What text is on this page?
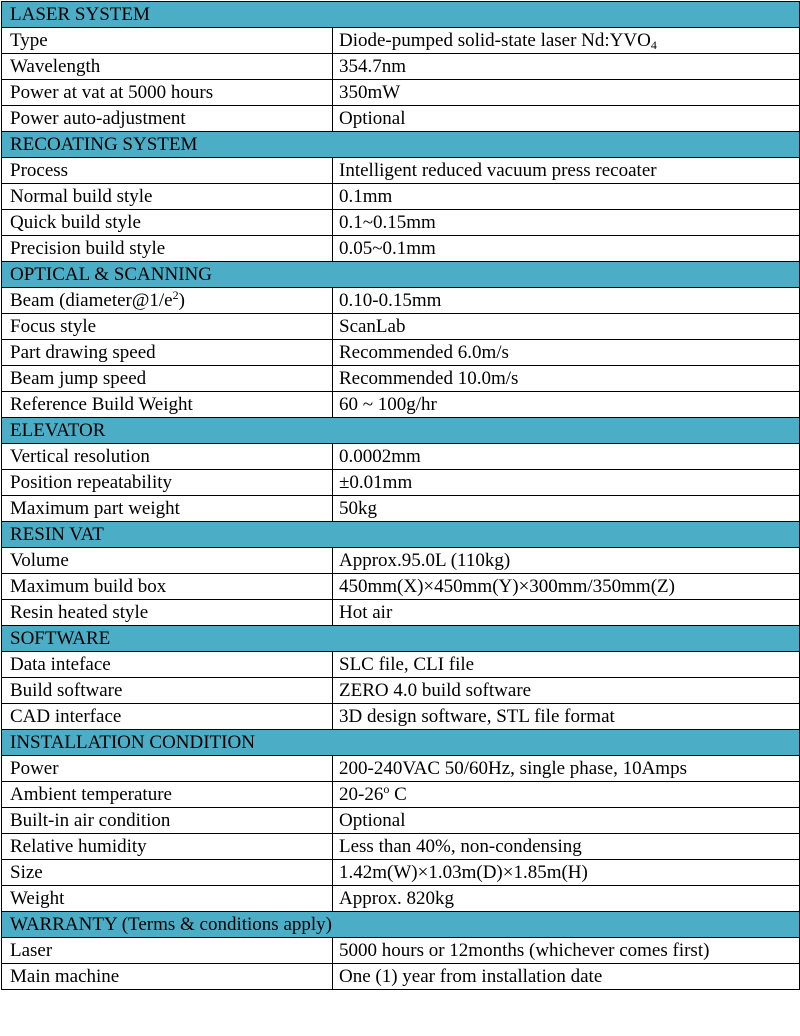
LASER SYSTEM	
Type	Diode-pumped solid-state laser $Nd:YVO_4$
Wavelength	354.7nm
Power at vat at 5000 hours	350mW
Power auto-adjustment	Optional
RECOATING SYSTEM	
Process	Intelligent reduced vacuum press recoater
Normal build style	0.1mm
Quick build style	0.1~0.15mm
Precision build style	0.05~0.1mm
OPTICAL & SCANNING	
Beam $(diameter@1/e^2)$	0.10-0.15mm
Focus style	ScanLab
Part drawing speed	Recommended 6.0m/s
Beam jump speed	Recommended 10.0m/s
Reference Build Weight	60 ~ 100g/hr
ELEVATOR	
Vertical resolution	0.0002mm
Position repeatability	±0.01mm
Maximum part weight	50kg
RESIN VAT	
Volume	Approx.95.0L (110kg)
Maximum build box	450mm(X)×450mm(Y)×300mm/350mm(Z)
Resin heated style	Hot air
SOFTWARE	
Data inteface	SLC file, CLI file
Build software	ZERO 4.0 build software
CAD interface	3D design software, STL file format
INSTALLATION CONDITION	
Power	200-240VAC 50/60Hz, single phase, 10Amps
Ambient temperature	20-26$^o$ C
Built-in air condition	Optional
Relative humidity	Less than 40%, non-condensing
Size	1.42m(W)×1.03m(D)×1.85m(H)
Weight	Approx. 820kg
WARRANTY (Terms & conditions apply)	
Laser	5000 hours or 12months (whichever comes first)
Main machine	One (1) year from installation date
